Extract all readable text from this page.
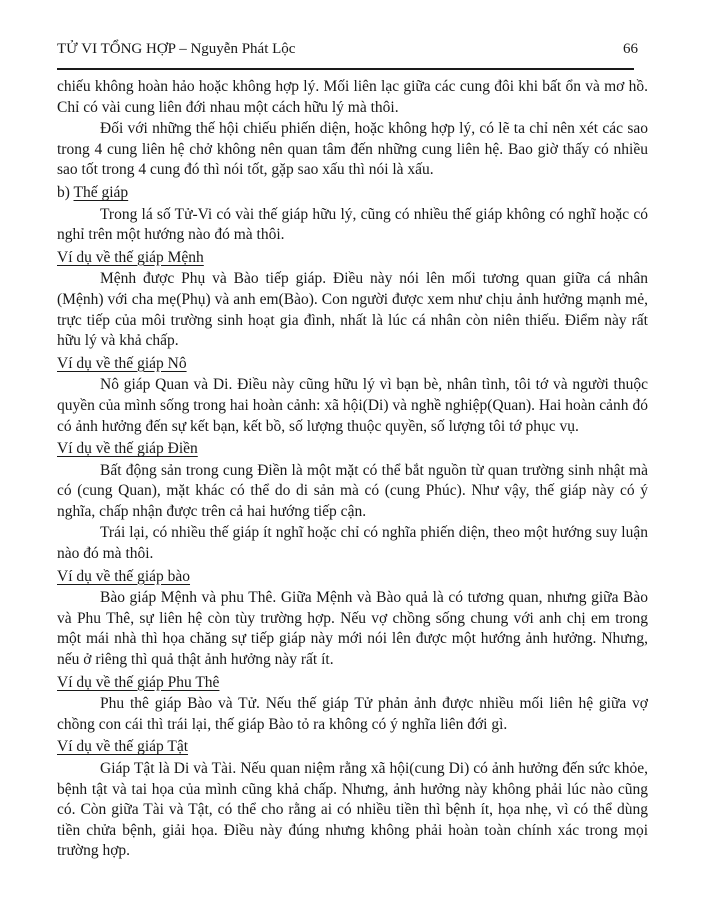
TỬ VI TỔNG HỢP – Nguyễn Phát Lộc	66

chiếu không hoàn hảo hoặc không hợp lý. Mối liên lạc giữa các cung đôi khi bất ổn và mơ hồ. Chỉ có vài cung liên đới nhau một cách hữu lý mà thôi.

Đối với những thế hội chiếu phiến diện, hoặc không hợp lý, có lẽ ta chỉ nên xét các sao trong 4 cung liên hệ chở không nên quan tâm đến những cung liên hệ. Bao giờ thấy có nhiều sao tốt trong 4 cung đó thì nói tốt, gặp sao xấu thì nói là xấu.

b) Thế giáp

Trong lá số Tử-Vi có vài thế giáp hữu lý, cũng có nhiều thế giáp không có nghĩ hoặc có nghỉ trên một hướng nào đó mà thôi.

Ví dụ về thế giáp Mệnh

Mệnh được Phụ và Bào tiếp giáp. Điều này nói lên mối tương quan giữa cá nhân (Mệnh) với cha mẹ(Phụ) và anh em(Bào). Con người được xem như chịu ảnh hưởng mạnh mẻ, trực tiếp của môi trường sinh hoạt gia đình, nhất là lúc cá nhân còn niên thiếu. Điểm này rất hữu lý và khả chấp.

Ví dụ về thế giáp Nô

Nô giáp Quan và Di. Điều này cũng hữu lý vì bạn bè, nhân tình, tôi tớ và người thuộc quyền của mình sống trong hai hoàn cảnh: xã hội(Di) và nghề nghiệp(Quan). Hai hoàn cảnh đó có ảnh hưởng đến sự kết bạn, kết bồ, số lượng thuộc quyền, số lượng tôi tớ phục vụ.

Ví dụ về thế giáp Điền

Bất động sản trong cung Điền là một mặt có thể bắt nguồn từ quan trường sinh nhật mà có (cung Quan), mặt khác có thể do di sản mà có (cung Phúc). Như vậy, thế giáp này có ý nghĩa, chấp nhận được trên cả hai hướng tiếp cận.

Trái lại, có nhiều thế giáp ít nghĩ hoặc chỉ có nghĩa phiến diện, theo một hướng suy luận nào đó mà thôi.

Ví dụ về thế giáp bào

Bào giáp Mệnh và phu Thê. Giữa Mệnh và Bào quả là có tương quan, nhưng giữa Bào và Phu Thê, sự liên hệ còn tùy trường hợp. Nếu vợ chồng sống chung với anh chị em trong một mái nhà thì họa chăng sự tiếp giáp này mới nói lên được một hướng ảnh hưởng. Nhưng, nếu ở riêng thì quả thật ảnh hưởng này rất ít.

Ví dụ về thế giáp Phu Thê

Phu thê giáp Bào và Tử. Nếu thế giáp Tử phản ảnh được nhiều mối liên hệ giữa vợ chồng con cái thì trái lại, thế giáp Bào tỏ ra không có ý nghĩa liên đới gì.

Ví dụ về thế giáp Tật

Giáp Tật là Di và Tài. Nếu quan niệm rằng xã hội(cung Di) có ảnh hưởng đến sức khỏe, bệnh tật và tai họa của mình cũng khả chấp. Nhưng, ảnh hưởng này không phải lúc nào cũng có. Còn giữa Tài và Tật, có thể cho rằng ai có nhiều tiền thì bệnh ít, họa nhẹ, vì có thể dùng tiền chửa bệnh, giải họa. Điều này đúng nhưng không phải hoàn toàn chính xác trong mọi trường hợp.
